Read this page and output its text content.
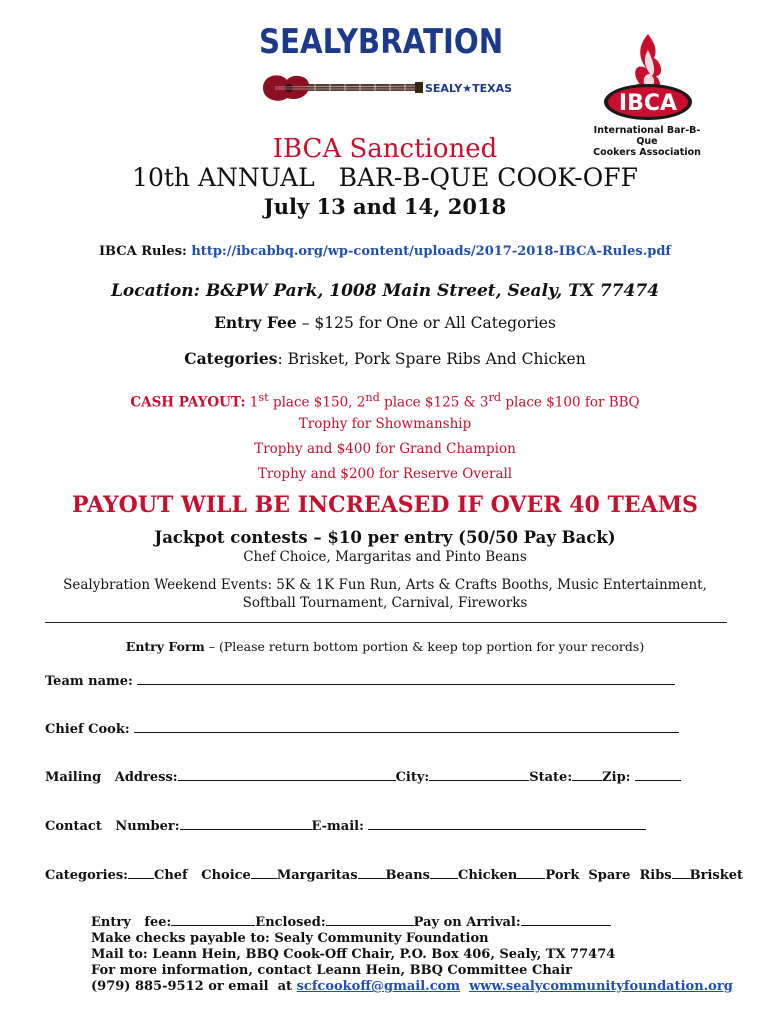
SEALYBRATION
SEALY★TEXAS
IBCA
International Bar-B-Que
Cookers Association
IBCA Sanctioned
10th ANNUAL   BAR-B-QUE COOK-OFF
July 13 and 14, 2018
IBCA Rules: http://ibcabbq.org/wp-content/uploads/2017-2018-IBCA-Rules.pdf
Location: B&PW Park, 1008 Main Street, Sealy, TX 77474
Entry Fee – $125 for One or All Categories
Categories: Brisket, Pork Spare Ribs And Chicken
CASH PAYOUT: 1st place $150, 2nd place $125 & 3rd place $100 for BBQ
Trophy for Showmanship
Trophy and $400 for Grand Champion
Trophy and $200 for Reserve Overall
PAYOUT WILL BE INCREASED IF OVER 40 TEAMS
Jackpot contests – $10 per entry (50/50 Pay Back)
Chef Choice, Margaritas and Pinto Beans
Sealybration Weekend Events: 5K & 1K Fun Run, Arts & Crafts Booths, Music Entertainment,
Softball Tournament, Carnival, Fireworks
Entry Form – (Please return bottom portion & keep top portion for your records)
Team name:
Chief Cook:
Mailing   Address:	City:	State: Zip:
Contact   Number:	E-mail:
Categories: Chef   Choice Margaritas Beans Chicken Pork  Spare  Ribs Brisket
Entry   fee:	Enclosed:	Pay on Arrival:
Make checks payable to: Sealy Community Foundation
Mail to: Leann Hein, BBQ Cook-Off Chair, P.O. Box 406, Sealy, TX 77474
For more information, contact Leann Hein, BBQ Committee Chair
(979) 885-9512 or email  at scfcookoff@gmail.com www.sealycommunityfoundation.org
